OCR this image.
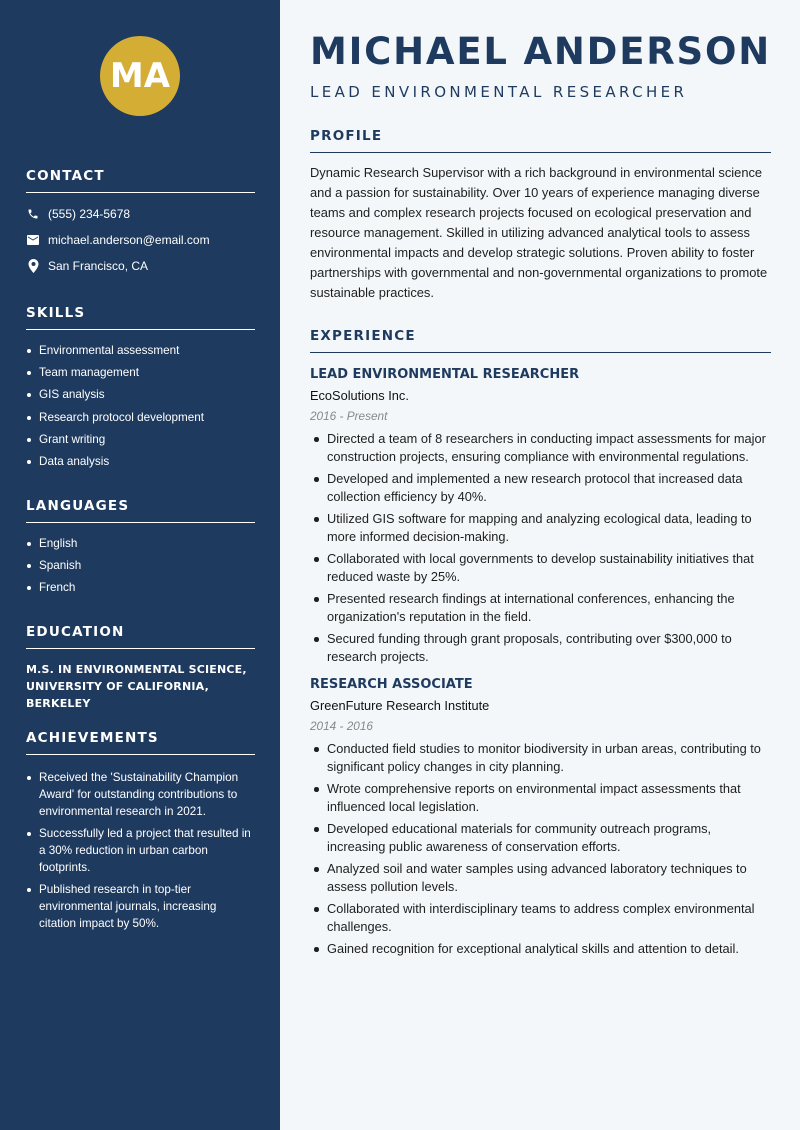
MA
CONTACT
(555) 234-5678
michael.anderson@email.com
San Francisco, CA
SKILLS
Environmental assessment
Team management
GIS analysis
Research protocol development
Grant writing
Data analysis
LANGUAGES
English
Spanish
French
EDUCATION
M.S. IN ENVIRONMENTAL SCIENCE,
UNIVERSITY OF CALIFORNIA, BERKELEY
ACHIEVEMENTS
Received the 'Sustainability Champion Award' for outstanding contributions to environmental research in 2021.
Successfully led a project that resulted in a 30% reduction in urban carbon footprints.
Published research in top-tier environmental journals, increasing citation impact by 50%.
MICHAEL ANDERSON
LEAD ENVIRONMENTAL RESEARCHER
PROFILE
Dynamic Research Supervisor with a rich background in environmental science and a passion for sustainability. Over 10 years of experience managing diverse teams and complex research projects focused on ecological preservation and resource management. Skilled in utilizing advanced analytical tools to assess environmental impacts and develop strategic solutions. Proven ability to foster partnerships with governmental and non-governmental organizations to promote sustainable practices.
EXPERIENCE
LEAD ENVIRONMENTAL RESEARCHER
EcoSolutions Inc.
2016 - Present
Directed a team of 8 researchers in conducting impact assessments for major construction projects, ensuring compliance with environmental regulations.
Developed and implemented a new research protocol that increased data collection efficiency by 40%.
Utilized GIS software for mapping and analyzing ecological data, leading to more informed decision-making.
Collaborated with local governments to develop sustainability initiatives that reduced waste by 25%.
Presented research findings at international conferences, enhancing the organization's reputation in the field.
Secured funding through grant proposals, contributing over $300,000 to research projects.
RESEARCH ASSOCIATE
GreenFuture Research Institute
2014 - 2016
Conducted field studies to monitor biodiversity in urban areas, contributing to significant policy changes in city planning.
Wrote comprehensive reports on environmental impact assessments that influenced local legislation.
Developed educational materials for community outreach programs, increasing public awareness of conservation efforts.
Analyzed soil and water samples using advanced laboratory techniques to assess pollution levels.
Collaborated with interdisciplinary teams to address complex environmental challenges.
Gained recognition for exceptional analytical skills and attention to detail.
